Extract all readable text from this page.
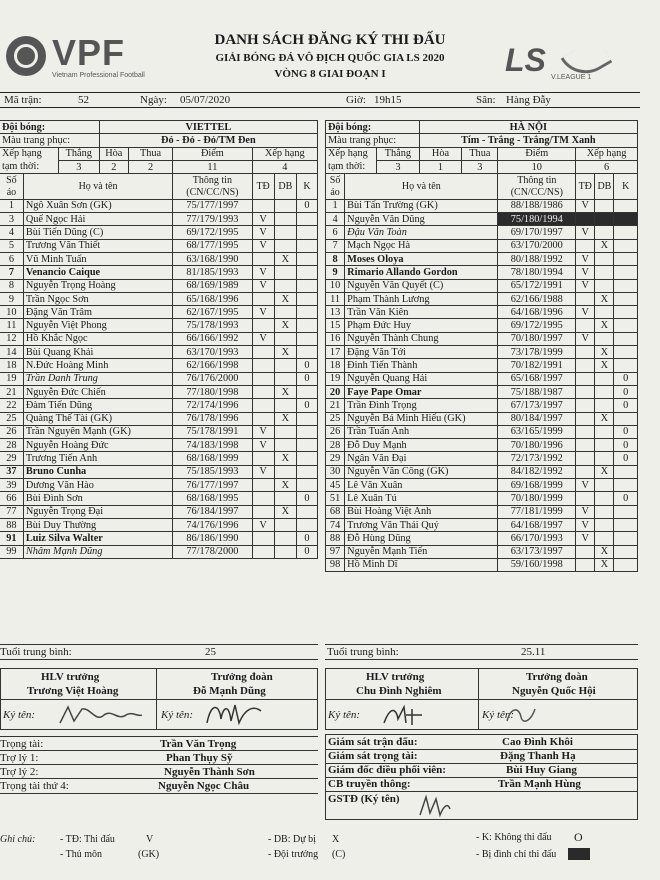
VPF
Vietnam Professional Football
DANH SÁCH ĐĂNG KÝ THI ĐẤU
GIẢI BÓNG ĐÁ VÔ ĐỊCH QUỐC GIA LS 2020
VÒNG 8 GIAI ĐOẠN I	LS V.LEAGUE 1
Mã trận:	52	Ngày: 05/07/2020	Giờ: 19h15	Sân: Hàng Đẫy
Đội bóng:			VIETTEL					
Màu trang phục:			Đỏ - Đỏ - Đỏ/TM Đen					
Xếp hạng		Thắng	Hòa	Thua	Điểm	Xếp hạng		
tạm thời:		3	2	2	11	4		
Số	Họ và tên				Thông tin	TĐ	DB	K
áo					(CN/CC/NS)			
1	Ngô Xuân Sơn (GK)				75/177/1997			0
3	Quế Ngọc Hải				77/179/1993	V		
4	Bùi Tiến Dũng (C)				69/172/1995	V		
5	Trương Văn Thiết				68/177/1995	V		
6	Vũ Minh Tuấn				63/168/1990		X	
7	Venancio Caique				81/185/1993	V		
8	Nguyễn Trọng Hoàng				68/169/1989	V		
9	Trần Ngọc Sơn				65/168/1996		X	
10	Đặng Văn Trâm				62/167/1995	V		
11	Nguyễn Việt Phong				75/178/1993		X	
12	Hồ Khắc Ngọc				66/166/1992	V		
14	Bùi Quang Khải				63/170/1993		X	
18	N.Đức Hoàng Minh				62/166/1998			0
19	Trần Danh Trung				76/176/2000			0
21	Nguyễn Đức Chiến				77/180/1998		X	
22	Đàm Tiến Dũng				72/174/1996			0
25	Quàng Thế Tài (GK)				76/178/1996		X	
26	Trần Nguyên Mạnh (GK)				75/178/1991	V		
28	Nguyễn Hoàng Đức				74/183/1998	V		
29	Trương Tiến Anh				68/168/1999		X	
37	Bruno Cunha				75/185/1993	V		
39	Dương Văn Hào				76/177/1997		X	
66	Bùi Đình Sơn				68/168/1995			0
77	Nguyễn Trọng Đại				76/184/1997		X	
88	Bùi Duy Thường				74/176/1996	V		
91	Luiz Silva Walter				86/186/1990			0
99	Nhâm Mạnh Dũng				77/178/2000			0
Đội bóng:			HÀ NỘI					
Màu trang phục:			Tím - Trắng - Trắng/TM Xanh					
Xếp hạng		Thắng	Hòa	Thua	Điểm	Xếp hạng		
tạm thời:		3	1	3	10	6		
Số	Họ và tên				Thông tin	TĐ	DB	K
áo					(CN/CC/NS)			
1	Bùi Tấn Trường (GK)				88/188/1986	V		
4	Nguyễn Văn Dũng				75/180/1994			
6	Đậu Văn Toàn				69/170/1997	V		
7	Mạch Ngọc Hà				63/170/2000		X	
8	Moses Oloya				80/188/1992	V		
9	Rimario Allando Gordon				78/180/1994	V		
10	Nguyễn Văn Quyết (C)				65/172/1991	V		
11	Phạm Thành Lương				62/166/1988		X	
13	Trần Văn Kiên				64/168/1996	V		
15	Phạm Đức Huy				69/172/1995		X	
16	Nguyễn Thành Chung				70/180/1997	V		
17	Đặng Văn Tới				73/178/1999		X	
18	Đinh Tiến Thành				70/182/1991		X	
19	Nguyễn Quang Hải				65/168/1997			0
20	Faye Pape Omar				75/188/1987			0
21	Trần Đình Trọng				67/173/1997			0
25	Nguyễn Bá Minh Hiếu (GK)				80/184/1997		X	
26	Trần Tuấn Anh				63/165/1999			0
28	Đỗ Duy Mạnh				70/180/1996			0
29	Ngân Văn Đại				72/173/1992			0
30	Nguyễn Văn Công (GK)				84/182/1992		X	
45	Lê Văn Xuân				69/168/1999	V		
51	Lê Xuân Tú				70/180/1999			0
68	Bùi Hoàng Việt Anh				77/181/1999	V		
74	Trương Văn Thái Quý				64/168/1997	V		
88	Đỗ Hùng Dũng				66/170/1993	V		
97	Nguyễn Mạnh Tiến				63/173/1997		X	
98	Hồ Minh Dĩ				59/160/1998		X	
Tuổi trung bình:	25	Tuổi trung bình:	25.11
HLV trưởng	Trưởng đoàn
Trương Việt Hoàng	Đỗ Mạnh Dũng
Ký tên:	Ký tên:
HLV trưởng	Trưởng đoàn
Chu Đình Nghiêm	Nguyễn Quốc Hội
Ký tên:	Ký tên:
Trọng tài:	Trần Văn Trọng
Trợ lý 1:	Phan Thụy Sỹ
Trợ lý 2:	Nguyễn Thành Sơn
Trọng tài thứ 4:	Nguyễn Ngọc Châu
Giám sát trận đấu:	Cao Đình Khôi
Giám sát trọng tài:	Đặng Thanh Hạ
Giám đốc điều phối viên:	Bùi Huy Giang
CB truyền thông:	Trần Mạnh Hùng
GSTĐ (Ký tên)
Ghi chú: - TĐ: Thi đấu	V
- Thủ môn	(GK)
- DB: Dự bị X
- Đội trưởng (C)
- K: Không thi đấu O
- Bị đình chỉ thi đấu
